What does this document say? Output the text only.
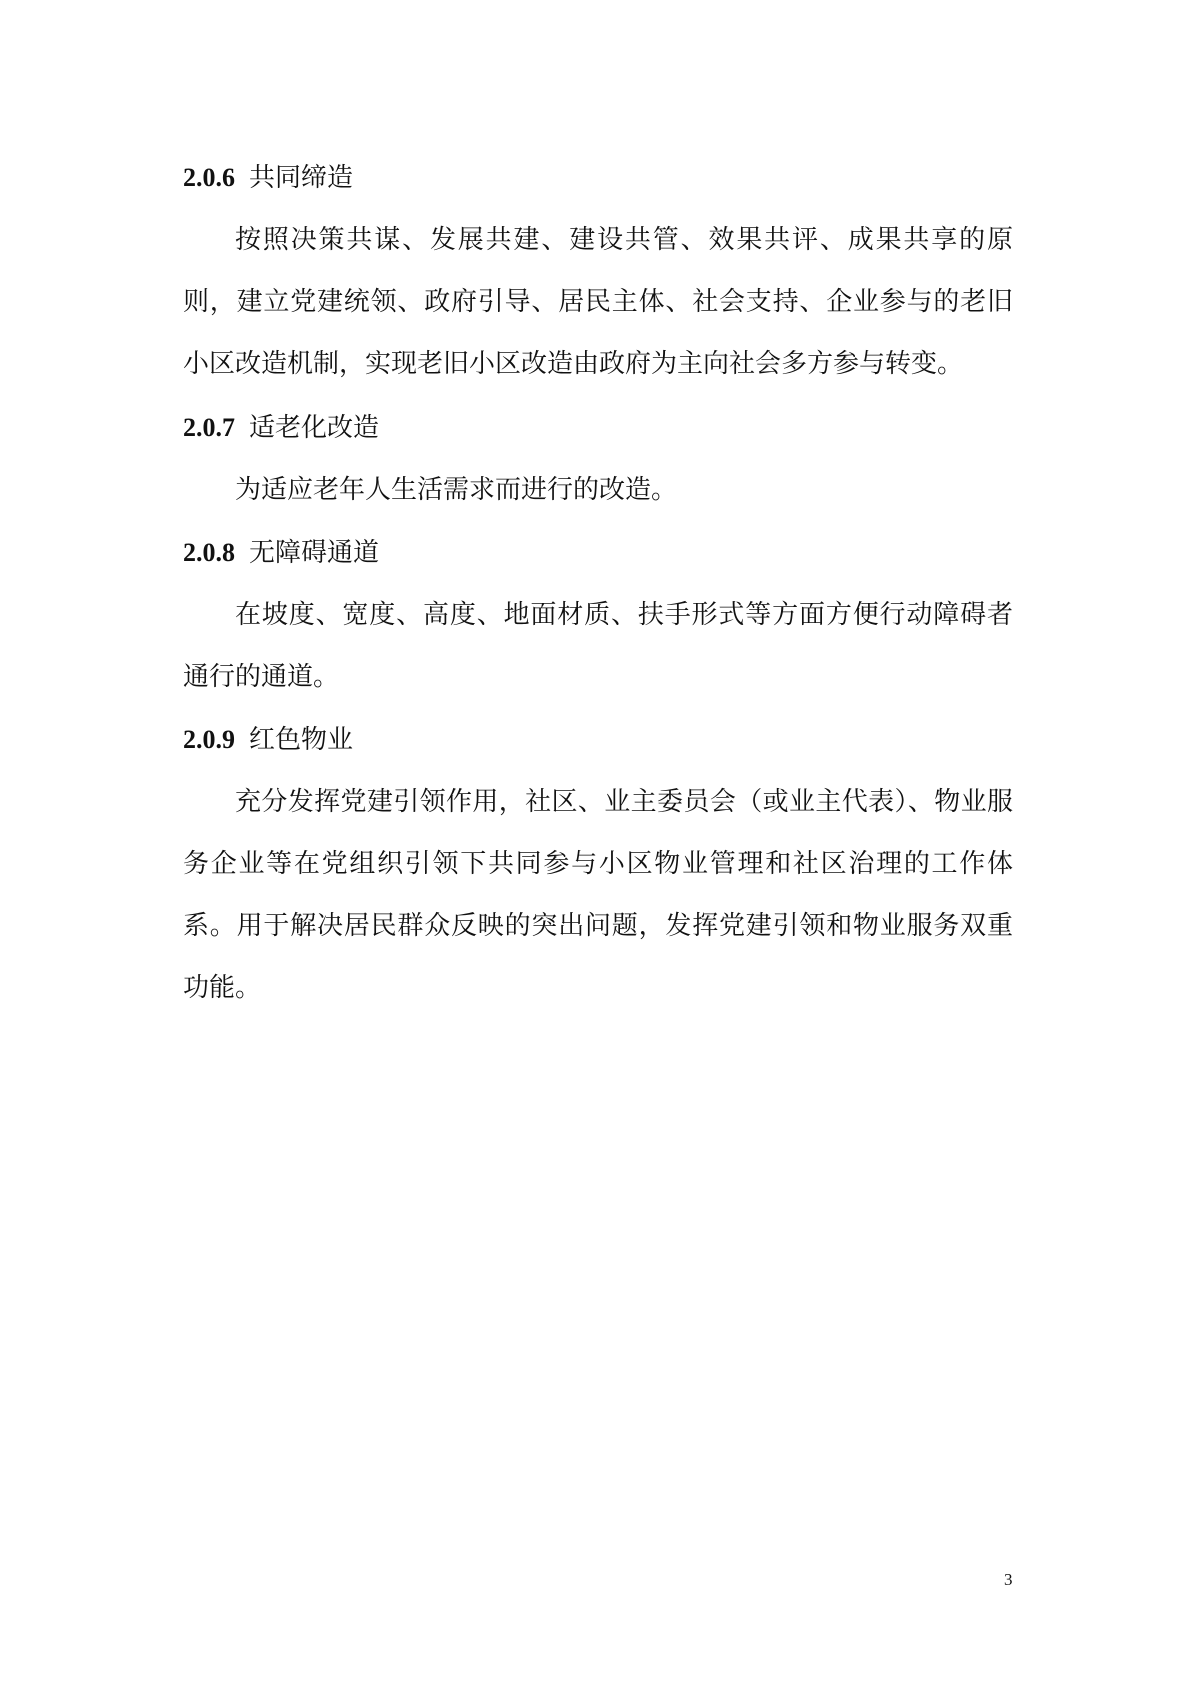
2.0.6 共同缔造

按照决策共谋、发展共建、建设共管、效果共评、成果共享的原则，建立党建统领、政府引导、居民主体、社会支持、企业参与的老旧小区改造机制，实现老旧小区改造由政府为主向社会多方参与转变。

2.0.7 适老化改造

为适应老年人生活需求而进行的改造。

2.0.8 无障碍通道

在坡度、宽度、高度、地面材质、扶手形式等方面方便行动障碍者通行的通道。

2.0.9 红色物业

充分发挥党建引领作用，社区、业主委员会（或业主代表）、物业服务企业等在党组织引领下共同参与小区物业管理和社区治理的工作体系。用于解决居民群众反映的突出问题，发挥党建引领和物业服务双重功能。

3
